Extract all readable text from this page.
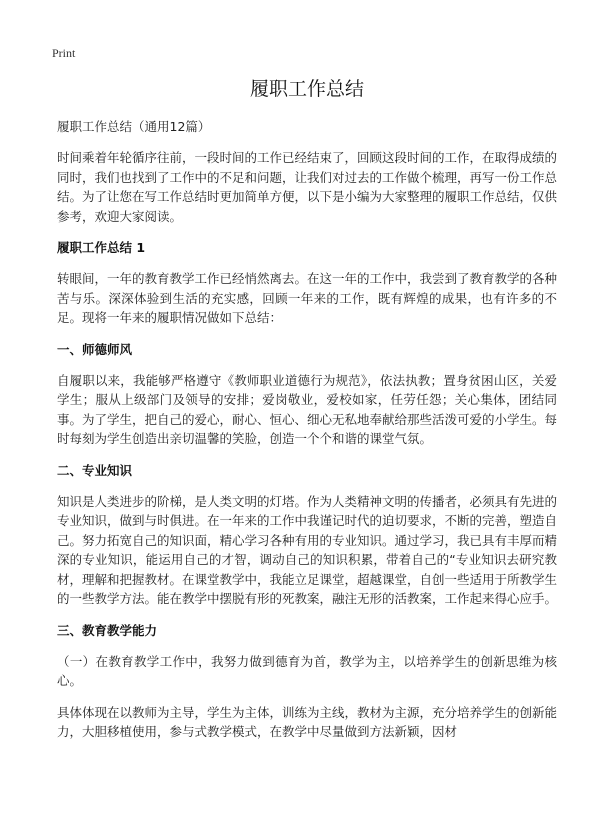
Print
履职工作总结

履职工作总结（通用12篇）

时间乘着年轮循序往前，一段时间的工作已经结束了，回顾这段时间的工作，在取得成绩的同时，我们也找到了工作中的不足和问题，让我们对过去的工作做个梳理，再写一份工作总结。为了让您在写工作总结时更加简单方便，以下是小编为大家整理的履职工作总结，仅供参考，欢迎大家阅读。

履职工作总结 1

转眼间，一年的教育教学工作已经悄然离去。在这一年的工作中，我尝到了教育教学的各种苦与乐。深深体验到生活的充实感，回顾一年来的工作，既有辉煌的成果，也有许多的不足。现将一年来的履职情况做如下总结：

一、师德师风

自履职以来，我能够严格遵守《教师职业道德行为规范》，依法执教；置身贫困山区，关爱学生；服从上级部门及领导的安排；爱岗敬业，爱校如家，任劳任怨；关心集体，团结同事。为了学生，把自己的爱心，耐心、恒心、细心无私地奉献给那些活泼可爱的小学生。每时每刻为学生创造出亲切温馨的笑脸，创造一个个和谐的课堂气氛。

二、专业知识

知识是人类进步的阶梯，是人类文明的灯塔。作为人类精神文明的传播者，必须具有先进的专业知识，做到与时俱进。在一年来的工作中我谨记时代的迫切要求，不断的完善，塑造自己。努力拓宽自己的知识面，精心学习各种有用的专业知识。通过学习，我已具有丰厚而精深的专业知识，能运用自己的才智，调动自己的知识积累，带着自己的“专业知识去研究教材，理解和把握教材。在课堂教学中，我能立足课堂，超越课堂，自创一些适用于所教学生的一些教学方法。能在教学中摆脱有形的死教案，融注无形的活教案，工作起来得心应手。

三、教育教学能力

（一）在教育教学工作中，我努力做到德育为首，教学为主，以培养学生的创新思维为核心。

具体体现在以教师为主导，学生为主体，训练为主线，教材为主源，充分培养学生的创新能力，大胆移植使用，参与式教学模式，在教学中尽量做到方法新颖，因材
